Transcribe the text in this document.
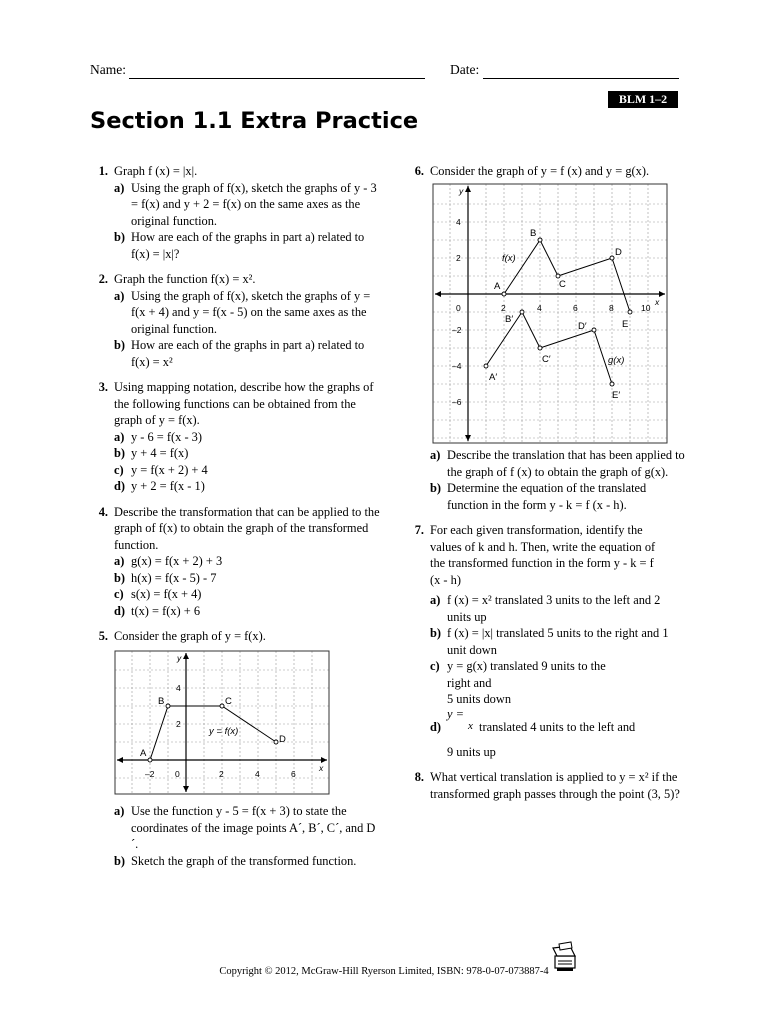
Name:	Date:
BLM 1–2
Section 1.1 Extra Practice
1. Graph f (x) = |x|.
a) Using the graph of f(x), sketch the graphs of y - 3 = f(x) and y + 2 = f(x) on the same axes as the original function.
b) How are each of the graphs in part a) related to f(x) = |x|?
2. Graph the function f(x) = x².
a) Using the graph of f(x), sketch the graphs of y = f(x + 4) and y = f(x - 5) on the same axes as the original function.
b) How are each of the graphs in part a) related to f(x) = x²
3. Using mapping notation, describe how the graphs of the following functions can be obtained from the graph of y = f(x).
a) y - 6 = f(x - 3)
b) y + 4 = f(x)
c) y = f(x + 2) + 4
d) y + 2 = f(x - 1)
4. Describe the transformation that can be applied to the graph of f(x) to obtain the graph of the transformed function.
a) g(x) = f(x + 2) + 3
b) h(x) = f(x - 5) - 7
c) s(x) = f(x + 4)
d) t(x) = f(x) + 6
5. Consider the graph of y = f(x).
y
x
–2 0	2	4	6
4
2
A
B	C
D
y = f(x)
a) Use the function y - 5 = f(x + 3) to state the coordinates of the image points A´, B´, C´, and D´.
b) Sketch the graph of the transformed function.
6. Consider the graph of y = f (x) and y = g(x).
y
x
0	2	4	6	8	10
4
2
–2
–4
–6
A
B
C
D
E
A′
B′
C′
D′
E′
f(x)
g(x)
a) Describe the translation that has been applied to the graph of f (x) to obtain the graph of g(x).
b) Determine the equation of the translated function in the form y - k = f (x - h).
7. For each given transformation, identify the values of k and h. Then, write the equation of the transformed function in the form y - k = f (x - h)
a) f (x) = x² translated 3 units to the left and 2 units up
b) f (x) = |x| translated 5 units to the right and 1 unit down
c) y = g(x) translated 9 units to the right and
5 units down
d)
y =
x translated 4 units to the left and
9 units up
8. What vertical translation is applied to y = x² if the transformed graph passes through the point (3, 5)?
Copyright © 2012, McGraw-Hill Ryerson Limited, ISBN: 978-0-07-073887-4
